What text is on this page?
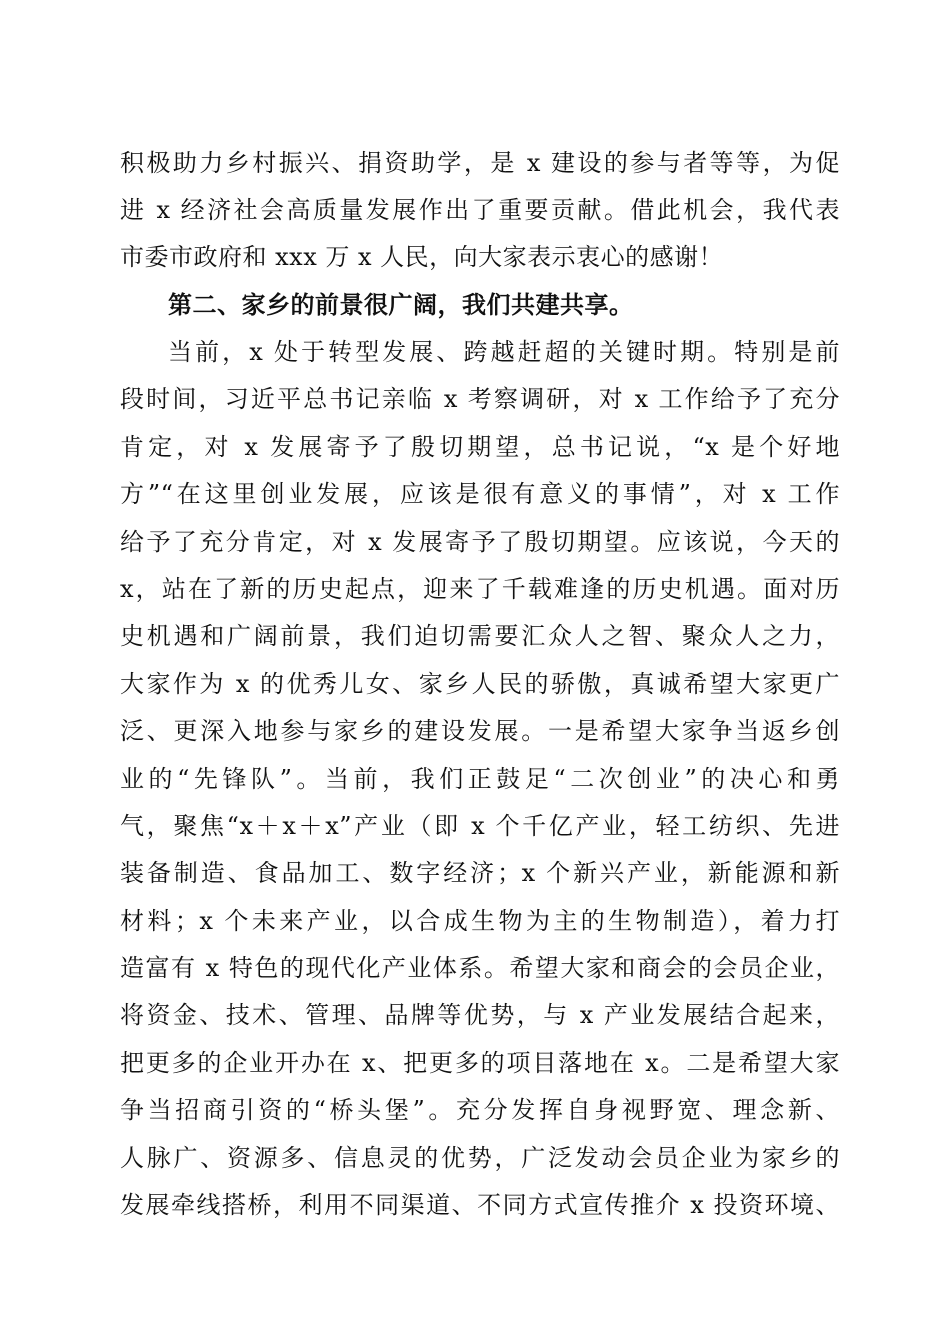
积极助力乡村振兴、捐资助学，是 x 建设的参与者等等，为促
进 x 经济社会高质量发展作出了重要贡献。借此机会，我代表
市委市政府和 xxx 万 x 人民，向大家表示衷心的感谢！
第二、家乡的前景很广阔，我们共建共享。
当前，x 处于转型发展、跨越赶超的关键时期。特别是前
段时间，习近平总书记亲临 x 考察调研，对 x 工作给予了充分
肯定，对 x 发展寄予了殷切期望，总书记说，“x 是个好地
方”“在这里创业发展，应该是很有意义的事情”，对 x 工作
给予了充分肯定，对 x 发展寄予了殷切期望。应该说，今天的
x，站在了新的历史起点，迎来了千载难逢的历史机遇。面对历
史机遇和广阔前景，我们迫切需要汇众人之智、聚众人之力，
大家作为 x 的优秀儿女、家乡人民的骄傲，真诚希望大家更广
泛、更深入地参与家乡的建设发展。一是希望大家争当返乡创
业的“先锋队”。当前，我们正鼓足“二次创业”的决心和勇
气，聚焦“x＋x＋x”产业（即 x 个千亿产业，轻工纺织、先进
装备制造、食品加工、数字经济；x 个新兴产业，新能源和新
材料；x 个未来产业，以合成生物为主的生物制造），着力打
造富有 x 特色的现代化产业体系。希望大家和商会的会员企业，
将资金、技术、管理、品牌等优势，与 x 产业发展结合起来，
把更多的企业开办在 x、把更多的项目落地在 x。二是希望大家
争当招商引资的“桥头堡”。充分发挥自身视野宽、理念新、
人脉广、资源多、信息灵的优势，广泛发动会员企业为家乡的
发展牵线搭桥，利用不同渠道、不同方式宣传推介 x 投资环境、
